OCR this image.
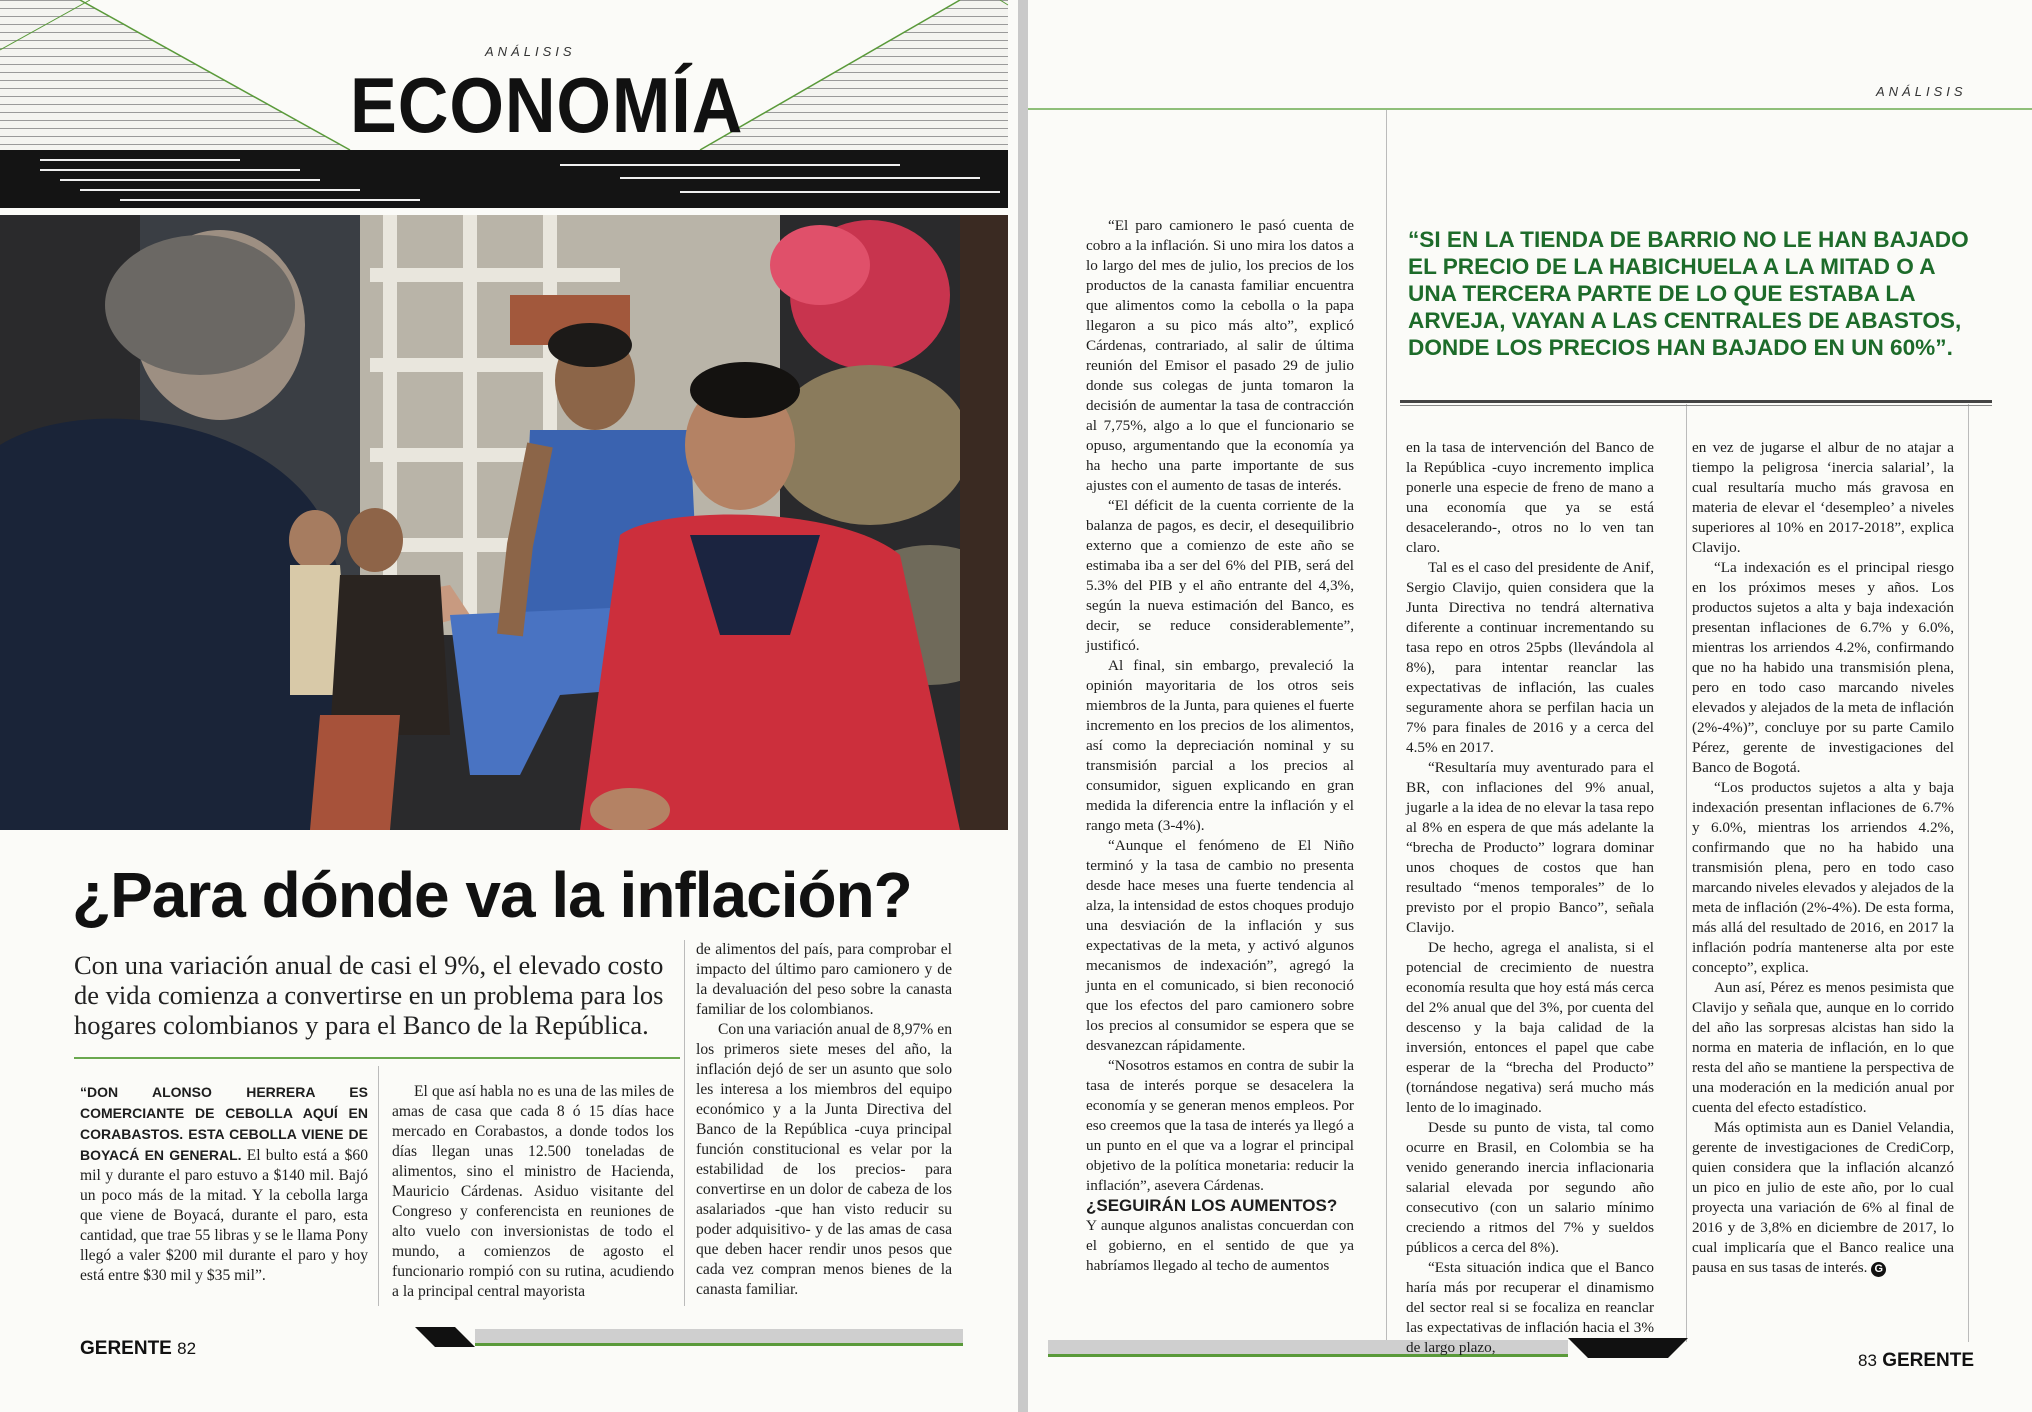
ANÁLISIS
ECONOMÍA
¿Para dónde va la inflación?
Con una variación anual de casi el 9%, el elevado costo de vida comienza a convertirse en un problema para los hogares colombianos y para el Banco de la República.

“DON ALONSO HERRERA ES COMERCIANTE DE CEBOLLA AQUÍ EN CORABASTOS. ESTA CEBOLLA VIENE DE BOYACÁ EN GENERAL. El bulto está a $60 mil y durante el paro estuvo a $140 mil. Bajó un poco más de la mitad. Y la cebolla larga que viene de Boyacá, durante el paro, esta cantidad, que trae 55 libras y se le llama Pony llegó a valer $200 mil durante el paro y hoy está entre $30 mil y $35 mil”.

El que así habla no es una de las miles de amas de casa que cada 8 ó 15 días hace mercado en Corabastos, a donde todos los días llegan unas 12.500 toneladas de alimentos, sino el ministro de Hacienda, Mauricio Cárdenas. Asiduo visitante del Congreso y conferencista en reuniones de alto vuelo con inversionistas de todo el mundo, a comienzos de agosto el funcionario rompió con su rutina, acudiendo a la principal central mayorista

de alimentos del país, para comprobar el impacto del último paro camionero y de la devaluación del peso sobre la canasta familiar de los colombianos.

Con una variación anual de 8,97% en los primeros siete meses del año, la inflación dejó de ser un asunto que solo les interesa a los miembros del equipo económico y a la Junta Directiva del Banco de la República -cuya principal función constitucional es velar por la estabilidad de los precios- para convertirse en un dolor de cabeza de los asalariados -que han visto reducir su poder adquisitivo- y de las amas de casa que deben hacer rendir unos pesos que cada vez compran menos bienes de la canasta familiar.

GERENTE 82
ANÁLISIS
83 GERENTE
“SI EN LA TIENDA DE BARRIO NO LE HAN BAJADO EL PRECIO DE LA HABICHUELA A LA MITAD O A UNA TERCERA PARTE DE LO QUE ESTABA LA ARVEJA, VAYAN A LAS CENTRALES DE ABASTOS, DONDE LOS PRECIOS HAN BAJADO EN UN 60%”.

“El paro camionero le pasó cuenta de cobro a la inflación. Si uno mira los datos a lo largo del mes de julio, los precios de los productos de la canasta familiar encuentra que alimentos como la cebolla o la papa llegaron a su pico más alto”, explicó Cárdenas, contrariado, al salir de última reunión del Emisor el pasado 29 de julio donde sus colegas de junta tomaron la decisión de aumentar la tasa de contracción al 7,75%, algo a lo que el funcionario se opuso, argumentando que la economía ya ha hecho una parte importante de sus ajustes con el aumento de tasas de interés.

“El déficit de la cuenta corriente de la balanza de pagos, es decir, el desequilibrio externo que a comienzo de este año se estimaba iba a ser del 6% del PIB, será del 5.3% del PIB y el año entrante del 4,3%, según la nueva estimación del Banco, es decir, se reduce considerablemente”, justificó.

Al final, sin embargo, prevaleció la opinión mayoritaria de los otros seis miembros de la Junta, para quienes el fuerte incremento en los precios de los alimentos, así como la depreciación nominal y su transmisión parcial a los precios al consumidor, siguen explicando en gran medida la diferencia entre la inflación y el rango meta (3-4%).

“Aunque el fenómeno de El Niño terminó y la tasa de cambio no presenta desde hace meses una fuerte tendencia al alza, la intensidad de estos choques produjo una desviación de la inflación y sus expectativas de la meta, y activó algunos mecanismos de indexación”, agregó la junta en el comunicado, si bien reconoció que los efectos del paro camionero sobre los precios al consumidor se espera que se desvanezcan rápidamente.

“Nosotros estamos en contra de subir la tasa de interés porque se desacelera la economía y se generan menos empleos. Por eso creemos que la tasa de interés ya llegó a un punto en el que va a lograr el principal objetivo de la política monetaria: reducir la inflación”, asevera Cárdenas.

¿SEGUIRÁN LOS AUMENTOS?

Y aunque algunos analistas concuerdan con el gobierno, en el sentido de que ya habríamos llegado al techo de aumentos

en la tasa de intervención del Banco de la República -cuyo incremento implica ponerle una especie de freno de mano a una economía que ya se está desacelerando-, otros no lo ven tan claro.

Tal es el caso del presidente de Anif, Sergio Clavijo, quien considera que la Junta Directiva no tendrá alternativa diferente a continuar incrementando su tasa repo en otros 25pbs (llevándola al 8%), para intentar reanclar las expectativas de inflación, las cuales seguramente ahora se perfilan hacia un 7% para finales de 2016 y a cerca del 4.5% en 2017.

“Resultaría muy aventurado para el BR, con inflaciones del 9% anual, jugarle a la idea de no elevar la tasa repo al 8% en espera de que más adelante la “brecha de Producto” lograra dominar unos choques de costos que han resultado “menos temporales” de lo previsto por el propio Banco”, señala Clavijo.

De hecho, agrega el analista, si el potencial de crecimiento de nuestra economía resulta que hoy está más cerca del 2% anual que del 3%, por cuenta del descenso y la baja calidad de la inversión, entonces el papel que cabe esperar de la “brecha del Producto” (tornándose negativa) será mucho más lento de lo imaginado.

Desde su punto de vista, tal como ocurre en Brasil, en Colombia se ha venido generando inercia inflacionaria salarial elevada por segundo año consecutivo (con un salario mínimo creciendo a ritmos del 7% y sueldos públicos a cerca del 8%).

“Esta situación indica que el Banco haría más por recuperar el dinamismo del sector real si se focaliza en reanclar las expectativas de inflación hacia el 3% de largo plazo,

en vez de jugarse el albur de no atajar a tiempo la peligrosa ‘inercia salarial’, la cual resultaría mucho más gravosa en materia de elevar el ‘desempleo’ a niveles superiores al 10% en 2017-2018”, explica Clavijo.

“La indexación es el principal riesgo en los próximos meses y años. Los productos sujetos a alta y baja indexación presentan inflaciones de 6.7% y 6.0%, mientras los arriendos 4.2%, confirmando que no ha habido una transmisión plena, pero en todo caso marcando niveles elevados y alejados de la meta de inflación (2%-4%)”, concluye por su parte Camilo Pérez, gerente de investigaciones del Banco de Bogotá.

“Los productos sujetos a alta y baja indexación presentan inflaciones de 6.7% y 6.0%, mientras los arriendos 4.2%, confirmando que no ha habido una transmisión plena, pero en todo caso marcando niveles elevados y alejados de la meta de inflación (2%-4%). De esta forma, más allá del resultado de 2016, en 2017 la inflación podría mantenerse alta por este concepto”, explica.

Aun así, Pérez es menos pesimista que Clavijo y señala que, aunque en lo corrido del año las sorpresas alcistas han sido la norma en materia de inflación, en lo que resta del año se mantiene la perspectiva de una moderación en la medición anual por cuenta del efecto estadístico.

Más optimista aun es Daniel Velandia, gerente de investigaciones de CrediCorp, quien considera que la inflación alcanzó un pico en julio de este año, por lo cual proyecta una variación de 6% al final de 2016 y de 3,8% en diciembre de 2017, lo cual implicaría que el Banco realice una pausa en sus tasas de interés. G
